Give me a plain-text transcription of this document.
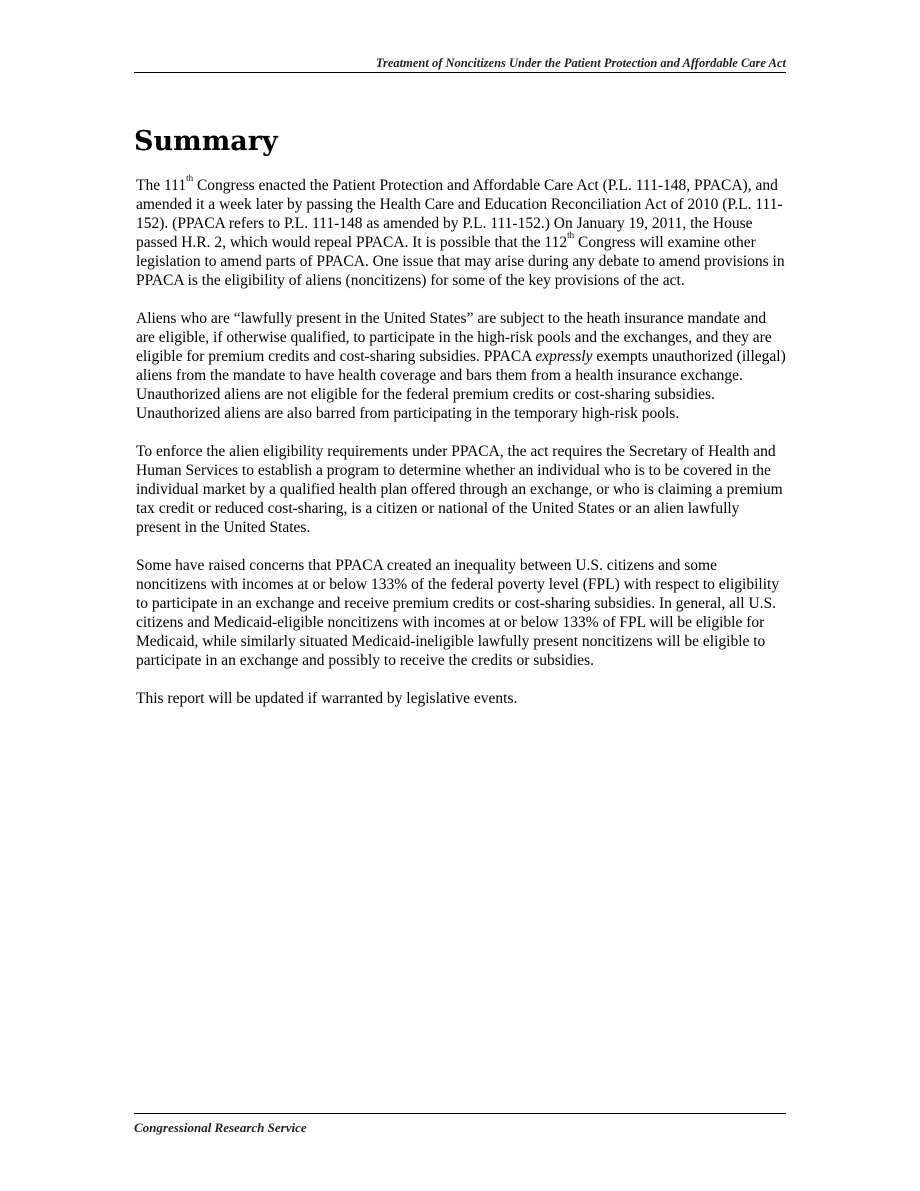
Treatment of Noncitizens Under the Patient Protection and Affordable Care Act
Summary

The 111th Congress enacted the Patient Protection and Affordable Care Act (P.L. 111-148, PPACA), and amended it a week later by passing the Health Care and Education Reconciliation Act of 2010 (P.L. 111-152). (PPACA refers to P.L. 111-148 as amended by P.L. 111-152.) On January 19, 2011, the House passed H.R. 2, which would repeal PPACA. It is possible that the 112th Congress will examine other legislation to amend parts of PPACA. One issue that may arise during any debate to amend provisions in PPACA is the eligibility of aliens (noncitizens) for some of the key provisions of the act.

Aliens who are “lawfully present in the United States” are subject to the heath insurance mandate and are eligible, if otherwise qualified, to participate in the high-risk pools and the exchanges, and they are eligible for premium credits and cost-sharing subsidies. PPACA expressly exempts unauthorized (illegal) aliens from the mandate to have health coverage and bars them from a health insurance exchange. Unauthorized aliens are not eligible for the federal premium credits or cost-sharing subsidies. Unauthorized aliens are also barred from participating in the temporary high-risk pools.

To enforce the alien eligibility requirements under PPACA, the act requires the Secretary of Health and Human Services to establish a program to determine whether an individual who is to be covered in the individual market by a qualified health plan offered through an exchange, or who is claiming a premium tax credit or reduced cost-sharing, is a citizen or national of the United States or an alien lawfully present in the United States.

Some have raised concerns that PPACA created an inequality between U.S. citizens and some noncitizens with incomes at or below 133% of the federal poverty level (FPL) with respect to eligibility to participate in an exchange and receive premium credits or cost-sharing subsidies. In general, all U.S. citizens and Medicaid-eligible noncitizens with incomes at or below 133% of FPL will be eligible for Medicaid, while similarly situated Medicaid-ineligible lawfully present noncitizens will be eligible to participate in an exchange and possibly to receive the credits or subsidies.

This report will be updated if warranted by legislative events.

Congressional Research Service
